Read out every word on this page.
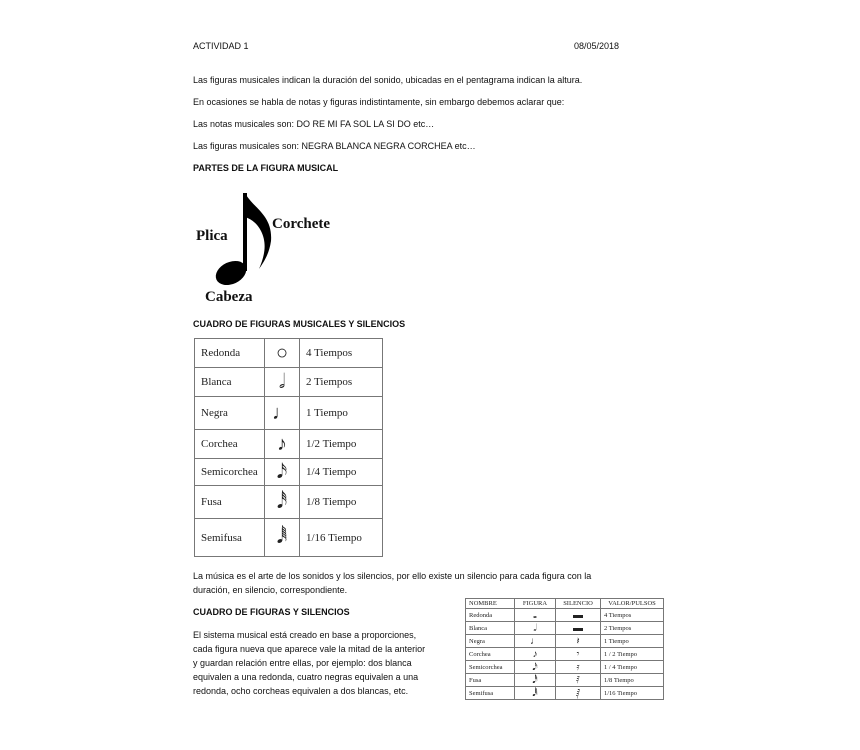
ACTIVIDAD 1	08/05/2018
Las figuras musicales indican la duración del sonido, ubicadas en el pentagrama indican la altura.
En ocasiones se habla de notas y figuras indistintamente, sin embargo debemos aclarar que:
Las notas musicales son: DO RE MI FA SOL LA SI DO etc…
Las figuras musicales son: NEGRA BLANCA NEGRA CORCHEA etc…
PARTES DE LA FIGURA MUSICAL
Plica
Corchete
Cabeza
CUADRO DE FIGURAS MUSICALES Y SILENCIOS
Redonda	○	4 Tiempos
Blanca	𝅗𝅥	2 Tiempos
Negra	♩	1 Tiempo
Corchea	♪	1/2 Tiempo
Semicorchea	𝅘𝅥𝅯	1/4 Tiempo
Fusa	𝅘𝅥𝅰	1/8 Tiempo
Semifusa	𝅘𝅥𝅱	1/16 Tiempo
La música es el arte de los sonidos y los silencios, por ello existe un silencio para cada figura con la
duración, en silencio, correspondiente.
CUADRO DE FIGURAS Y SILENCIOS
El sistema musical está creado en base a proporciones,
cada figura nueva que aparece vale la mitad de la anterior
y guardan relación entre ellas, por ejemplo: dos blanca
equivalen a una redonda, cuatro negras equivalen a una
redonda, ocho corcheas equivalen a dos blancas, etc.
NOMBRE	FIGURA	SILENCIO	VALOR/PULSOS
Redonda	𝅝	▬	4 Tiempos
Blanca	𝅗𝅥	▬	2 Tiempos
Negra	♩	𝄽	1 Tiempo
Corchea	♪	𝄾	1 / 2 Tiempo
Semicorchea	𝅘𝅥𝅯	𝄿	1 / 4 Tiempo
Fusa	𝅘𝅥𝅰	𝅀	1/8 Tiempo
Semifusa	𝅘𝅥𝅱	𝅁	1/16 Tiempo
